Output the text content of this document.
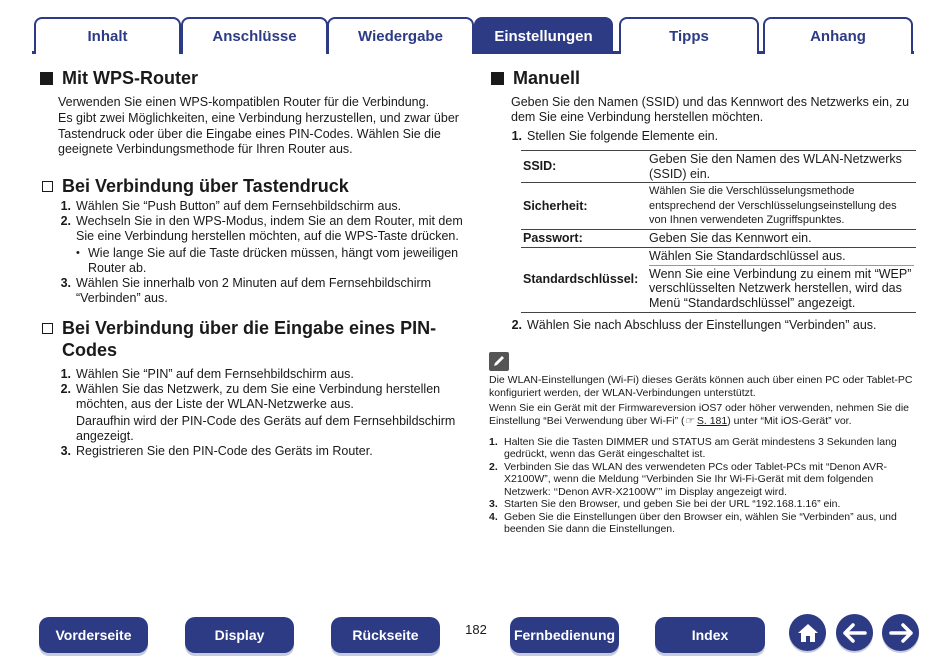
Inhalt	Anschlüsse	Wiedergabe	Einstellungen	Tipps	Anhang
Mit WPS-Router

Verwenden Sie einen WPS-kompatiblen Router für die Verbindung.

Es gibt zwei Möglichkeiten, eine Verbindung herzustellen, und zwar über Tastendruck oder über die Eingabe eines PIN-Codes. Wählen Sie die geeignete Verbindungsmethode für Ihren Router aus.

Bei Verbindung über Tastendruck
1. Wählen Sie “Push Button” auf dem Fernsehbildschirm aus.
2. Wechseln Sie in den WPS-Modus, indem Sie an dem Router, mit dem Sie eine Verbindung herstellen möchten, auf die WPS-Taste drücken.
• Wie lange Sie auf die Taste drücken müssen, hängt vom jeweiligen Router ab.
3. Wählen Sie innerhalb von 2 Minuten auf dem Fernsehbildschirm “Verbinden” aus.
Bei Verbindung über die Eingabe eines PIN-Codes
1. Wählen Sie “PIN” auf dem Fernsehbildschirm aus.
2. Wählen Sie das Netzwerk, zu dem Sie eine Verbindung herstellen möchten, aus der Liste der WLAN-Netzwerke aus.
Daraufhin wird der PIN-Code des Geräts auf dem Fernsehbildschirm angezeigt.
3. Registrieren Sie den PIN-Code des Geräts im Router.
Manuell

Geben Sie den Namen (SSID) und das Kennwort des Netzwerks ein, zu dem Sie eine Verbindung herstellen möchten.

1. Stellen Sie folgende Elemente ein.
SSID:	Geben Sie den Namen des WLAN-Netzwerks (SSID) ein.
Sicherheit:	Wählen Sie die Verschlüsselungsmethode entsprechend der Verschlüsselungseinstellung des von Ihnen verwendeten Zugriffspunktes.
Passwort:	Geben Sie das Kennwort ein.
Standardschlüssel:	Wählen Sie Standardschlüssel aus.
Wenn Sie eine Verbindung zu einem mit “WEP” verschlüsselten Netzwerk herstellen, wird das Menü “Standardschlüssel” angezeigt.
2. Wählen Sie nach Abschluss der Einstellungen “Verbinden” aus.

Die WLAN-Einstellungen (Wi-Fi) dieses Geräts können auch über einen PC oder Tablet-PC konfiguriert werden, der WLAN-Verbindungen unterstützt.

Wenn Sie ein Gerät mit der Firmwareversion iOS7 oder höher verwenden, nehmen Sie die Einstellung “Bei Verwendung über Wi-Fi” (☞ S. 181) unter “Mit iOS-Gerät” vor.

1. Halten Sie die Tasten DIMMER und STATUS am Gerät mindestens 3 Sekunden lang gedrückt, wenn das Gerät eingeschaltet ist.
2. Verbinden Sie das WLAN des verwendeten PCs oder Tablet-PCs mit “Denon AVR-X2100W”, wenn die Meldung ‘‘Verbinden Sie Ihr Wi-Fi-Gerät mit dem folgenden Netzwerk: ‘‘Denon AVR-X2100W’’’ im Display angezeigt wird.
3. Starten Sie den Browser, und geben Sie bei der URL “192.168.1.16” ein.
4. Geben Sie die Einstellungen über den Browser ein, wählen Sie “Verbinden” aus, und beenden Sie dann die Einstellungen.
Vorderseite	Display	Rückseite	182	Fernbedienung	Index
